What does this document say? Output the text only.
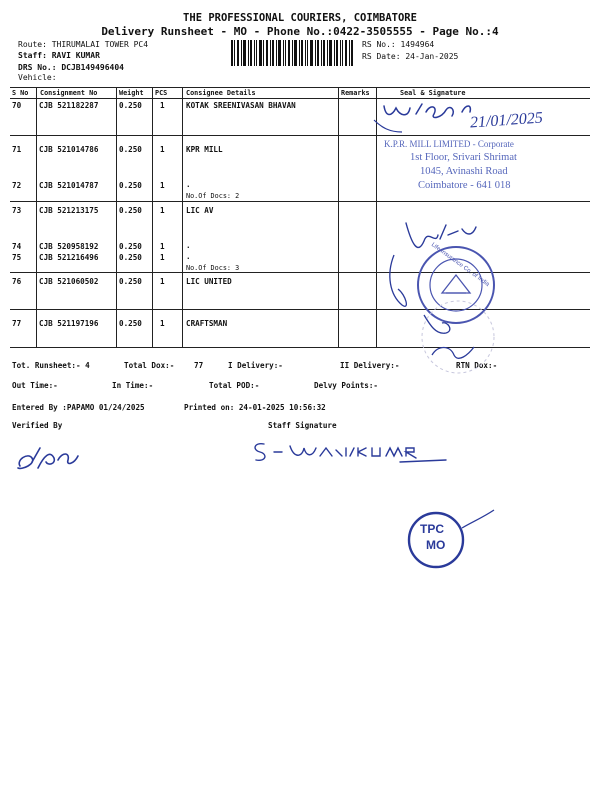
THE PROFESSIONAL COURIERS, COIMBATORE
Delivery Runsheet - MO - Phone No.:0422-3505555 - Page No.:4
Route: THIRUMALAI TOWER PC4
Staff: RAVI KUMAR
DRS No.: DCJB149496404
Vehicle:
RS No.: 1494964
RS Date: 24-Jan-2025
S No Consignment No	Weight PCS	Consignee Details	Remarks	Seal & Signature
70 CJB 521182287	0.250 1	KOTAK SREENIVASAN BHAVAN
71 CJB 521014786	0.250 1	KPR MILL
72 CJB 521014787	0.250 1	.
No.Of Docs: 2
73 CJB 521213175	0.250 1	LIC AV
74 CJB 520958192	0.250 1	.
75 CJB 521216496	0.250 1	.
No.Of Docs: 3
76 CJB 521060502	0.250 1	LIC UNITED
77 CJB 521197196	0.250 1	CRAFTSMAN
Tot. Runsheet:- 4	Total Dox:-	77	I Delivery:-	II Delivery:-	RTN Dox:-
Out Time:-	In Time:-	Total POD:-	Delvy Points:-
Entered By :PAPAMO 01/24/2025	Printed on: 24-01-2025 10:56:32
Verified By	Staff Signature
21/01/2025
K.P.R. MILL LIMITED - Corporate
1st Floor, Srivari Shrimat
1045, Avinashi Road
Coimbatore - 641 018
Life Insurance Co. of India
TPC
MO
